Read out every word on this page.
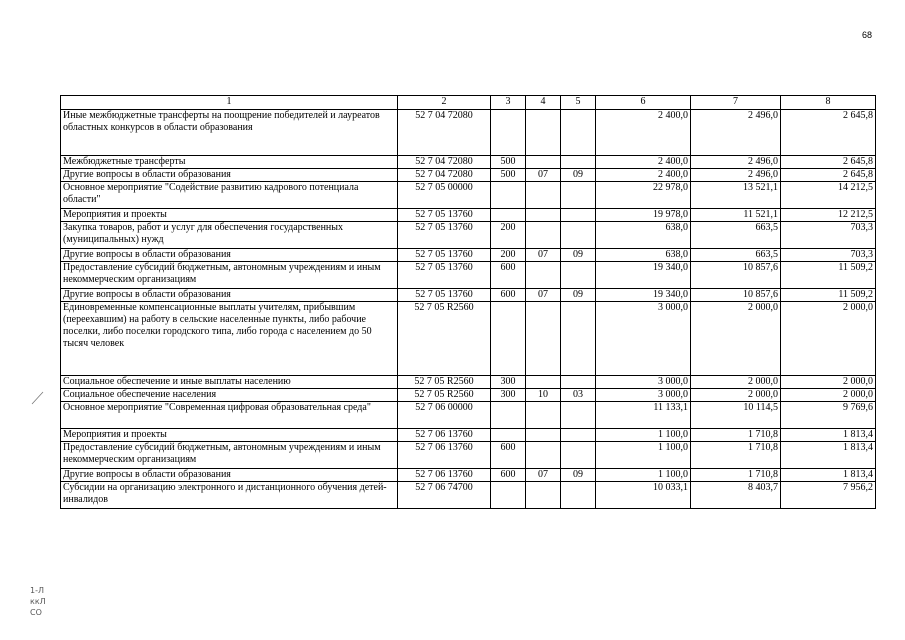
68
1	2	3	4	5	6	7	8
Иные межбюджетные трансферты на поощрение победителей и лауреатов областных конкурсов в области образования	52 7 04 72080				2 400,0	2 496,0	2 645,8
Межбюджетные трансферты	52 7 04 72080	500			2 400,0	2 496,0	2 645,8
Другие вопросы в области образования	52 7 04 72080	500	07	09	2 400,0	2 496,0	2 645,8
Основное мероприятие "Содействие развитию кадрового потенциала области"	52 7 05 00000				22 978,0	13 521,1	14 212,5
Мероприятия и проекты	52 7 05 13760				19 978,0	11 521,1	12 212,5
Закупка товаров, работ и услуг для обеспечения государственных (муниципальных) нужд	52 7 05 13760	200			638,0	663,5	703,3
Другие вопросы в области образования	52 7 05 13760	200	07	09	638,0	663,5	703,3
Предоставление субсидий бюджетным, автономным учреждениям и иным некоммерческим организациям	52 7 05 13760	600			19 340,0	10 857,6	11 509,2
Другие вопросы в области образования	52 7 05 13760	600	07	09	19 340,0	10 857,6	11 509,2
Единовременные компенсационные выплаты учителям, прибывшим (переехавшим) на работу в сельские населенные пункты, либо рабочие поселки, либо поселки городского типа, либо города с населением до 50 тысяч человек	52 7 05 R2560				3 000,0	2 000,0	2 000,0
Социальное обеспечение и иные выплаты населению	52 7 05 R2560	300			3 000,0	2 000,0	2 000,0
Социальное обеспечение населения	52 7 05 R2560	300	10	03	3 000,0	2 000,0	2 000,0
Основное мероприятие "Современная цифровая образовательная среда"	52 7 06 00000				11 133,1	10 114,5	9 769,6
Мероприятия и проекты	52 7 06 13760				1 100,0	1 710,8	1 813,4
Предоставление субсидий бюджетным, автономным учреждениям и иным некоммерческим организациям	52 7 06 13760	600			1 100,0	1 710,8	1 813,4
Другие вопросы в области образования	52 7 06 13760	600	07	09	1 100,0	1 710,8	1 813,4
Субсидии на организацию электронного и дистанционного обучения детей-инвалидов	52 7 06 74700				10 033,1	8 403,7	7 956,2
1-Л
ккЛ
СО
